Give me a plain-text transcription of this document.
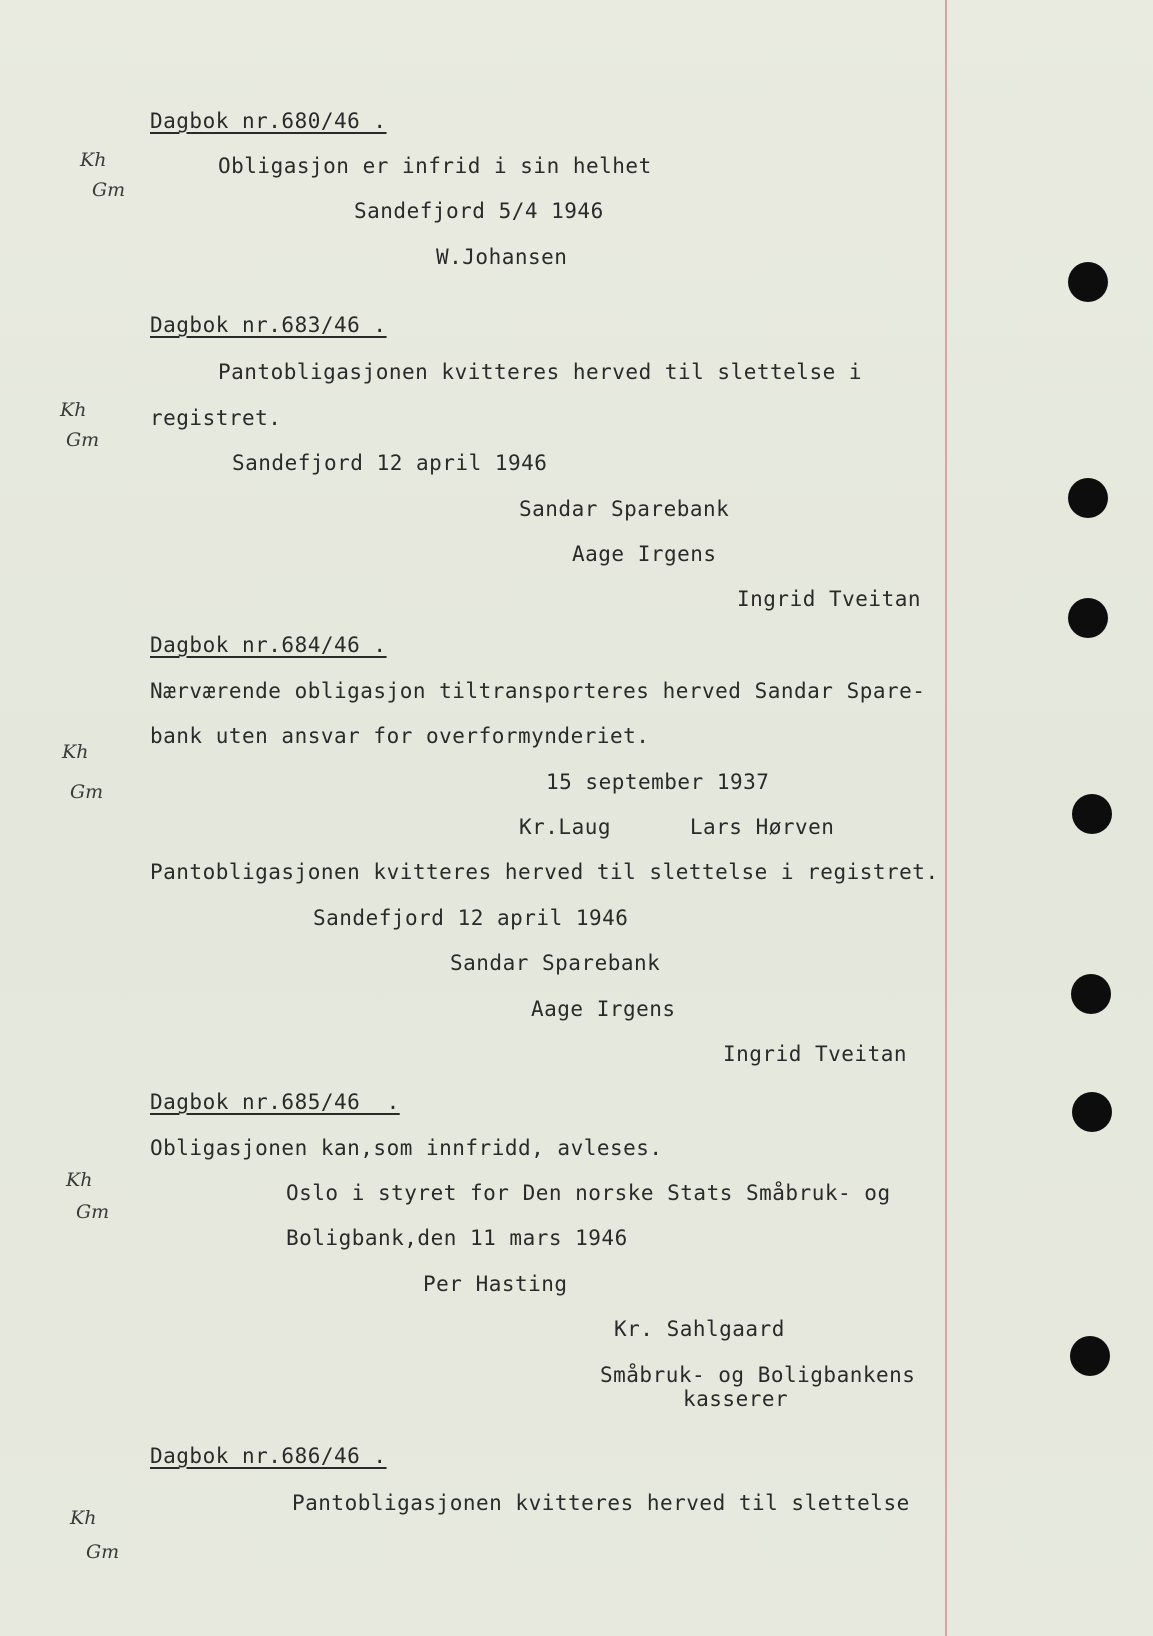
Dagbok nr.680/46 .
Obligasjon er infrid i sin helhet
Sandefjord 5/4 1946
W.Johansen
Kh
Gm
Dagbok nr.683/46 .
Pantobligasjonen kvitteres herved til slettelse i
registret.
Sandefjord 12 april 1946
Sandar Sparebank
Aage Irgens
Ingrid Tveitan
Kh
Gm
Dagbok nr.684/46 .
Nærværende obligasjon tiltransporteres herved Sandar Spare-
bank uten ansvar for overformynderiet.
15 september 1937
Kr.Laug      Lars Hørven
Pantobligasjonen kvitteres herved til slettelse i registret.
Sandefjord 12 april 1946
Sandar Sparebank
Aage Irgens
Ingrid Tveitan
Kh
Gm
Dagbok nr.685/46  .
Obligasjonen kan,som innfridd, avleses.
Oslo i styret for Den norske Stats Småbruk- og
Boligbank,den 11 mars 1946
Per Hasting
Kr. Sahlgaard
Småbruk- og Boligbankens
kasserer
Kh
Gm
Dagbok nr.686/46 .
Pantobligasjonen kvitteres herved til slettelse
Kh
Gm
